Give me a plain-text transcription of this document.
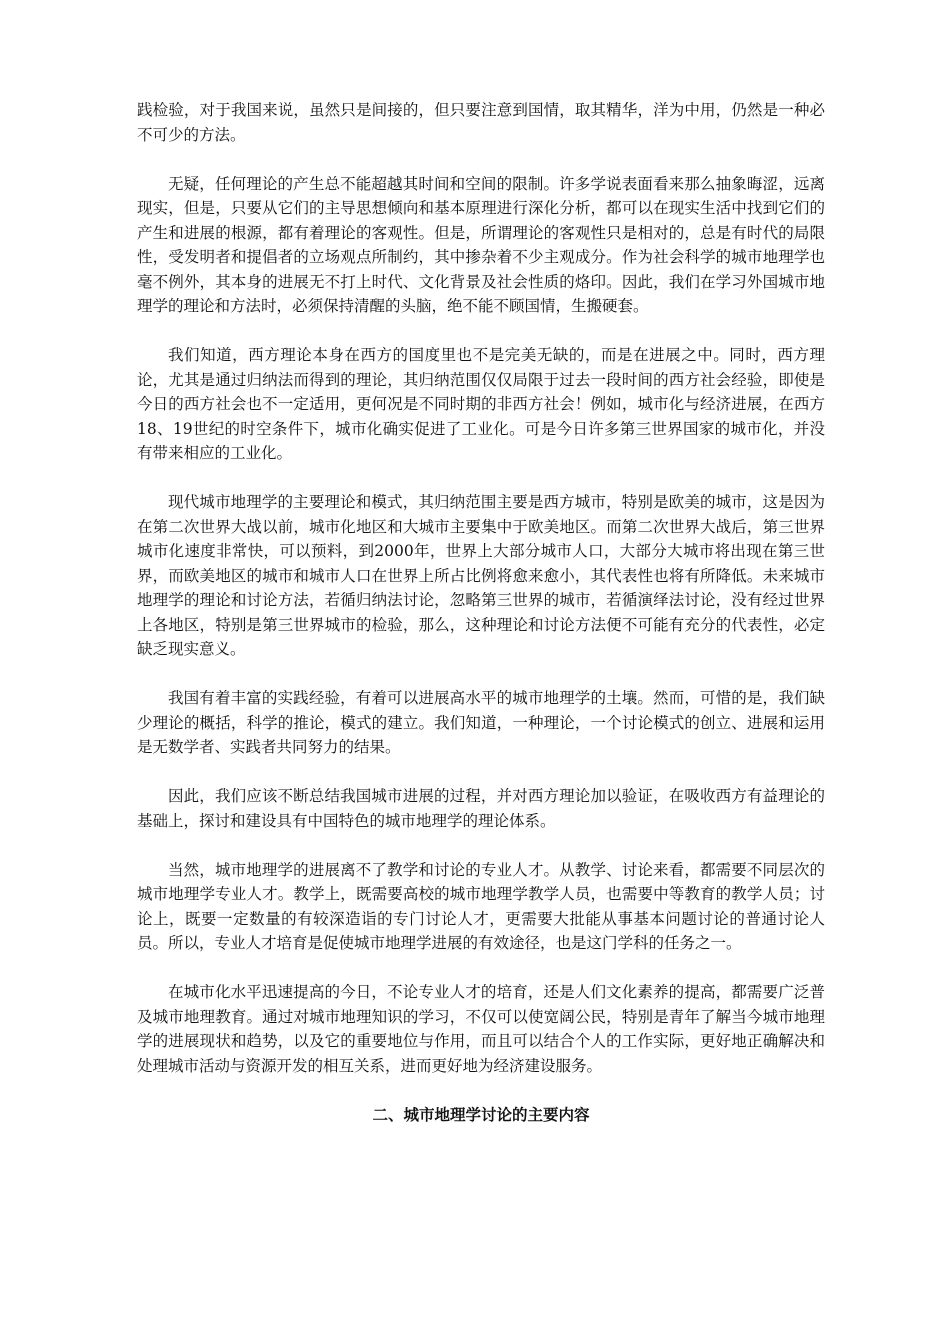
践检验，对于我国来说，虽然只是间接的，但只要注意到国情，取其精华，洋为中用，仍然是一种必不可少的方法。

无疑，任何理论的产生总不能超越其时间和空间的限制。许多学说表面看来那么抽象晦涩，远离现实，但是，只要从它们的主导思想倾向和基本原理进行深化分析，都可以在现实生活中找到它们的产生和进展的根源，都有着理论的客观性。但是，所谓理论的客观性只是相对的，总是有时代的局限性，受发明者和提倡者的立场观点所制约，其中掺杂着不少主观成分。作为社会科学的城市地理学也毫不例外，其本身的进展无不打上时代、文化背景及社会性质的烙印。因此，我们在学习外国城市地理学的理论和方法时，必须保持清醒的头脑，绝不能不顾国情，生搬硬套。

我们知道，西方理论本身在西方的国度里也不是完美无缺的，而是在进展之中。同时，西方理论，尤其是通过归纳法而得到的理论，其归纳范围仅仅局限于过去一段时间的西方社会经验，即使是今日的西方社会也不一定适用，更何况是不同时期的非西方社会！例如，城市化与经济进展，在西方18、19世纪的时空条件下，城市化确实促进了工业化。可是今日许多第三世界国家的城市化，并没有带来相应的工业化。

现代城市地理学的主要理论和模式，其归纳范围主要是西方城市，特别是欧美的城市，这是因为在第二次世界大战以前，城市化地区和大城市主要集中于欧美地区。而第二次世界大战后，第三世界城市化速度非常快，可以预料，到2000年，世界上大部分城市人口，大部分大城市将出现在第三世界，而欧美地区的城市和城市人口在世界上所占比例将愈来愈小，其代表性也将有所降低。未来城市地理学的理论和讨论方法，若循归纳法讨论，忽略第三世界的城市，若循演绎法讨论，没有经过世界上各地区，特别是第三世界城市的检验，那么，这种理论和讨论方法便不可能有充分的代表性，必定缺乏现实意义。

我国有着丰富的实践经验，有着可以进展高水平的城市地理学的土壤。然而，可惜的是，我们缺少理论的概括，科学的推论，模式的建立。我们知道，一种理论，一个讨论模式的创立、进展和运用是无数学者、实践者共同努力的结果。

因此，我们应该不断总结我国城市进展的过程，并对西方理论加以验证，在吸收西方有益理论的基础上，探讨和建设具有中国特色的城市地理学的理论体系。

当然，城市地理学的进展离不了教学和讨论的专业人才。从教学、讨论来看，都需要不同层次的城市地理学专业人才。教学上，既需要高校的城市地理学教学人员，也需要中等教育的教学人员；讨论上，既要一定数量的有较深造诣的专门讨论人才，更需要大批能从事基本问题讨论的普通讨论人员。所以，专业人才培育是促使城市地理学进展的有效途径，也是这门学科的任务之一。

在城市化水平迅速提高的今日，不论专业人才的培育，还是人们文化素养的提高，都需要广泛普及城市地理教育。通过对城市地理知识的学习，不仅可以使宽阔公民，特别是青年了解当今城市地理学的进展现状和趋势，以及它的重要地位与作用，而且可以结合个人的工作实际，更好地正确解决和处理城市活动与资源开发的相互关系，进而更好地为经济建设服务。

二、城市地理学讨论的主要内容
